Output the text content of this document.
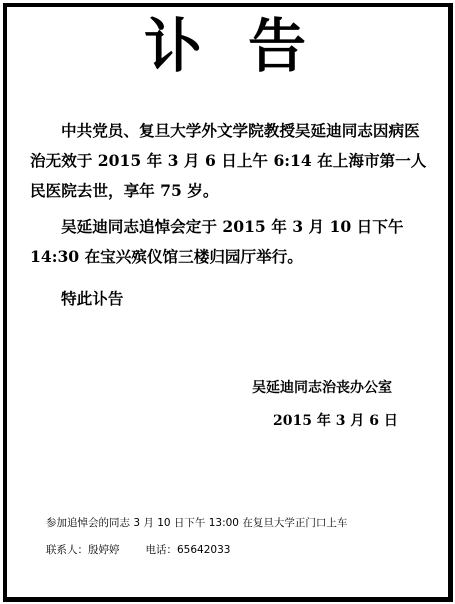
讣告
中共党员、复旦大学外文学院教授吴延迪同志因病医治无效于 2015 年 3 月 6 日上午 6:14 在上海市第一人民医院去世，享年 75 岁。
吴延迪同志追悼会定于 2015 年 3 月 10 日下午 14:30 在宝兴殡仪馆三楼归园厅举行。
特此讣告
吴延迪同志治丧办公室
2015 年 3 月 6 日
参加追悼会的同志 3 月 10 日下午 13:00 在复旦大学正门口上车
联系人：殷婷婷 电话：65642033
